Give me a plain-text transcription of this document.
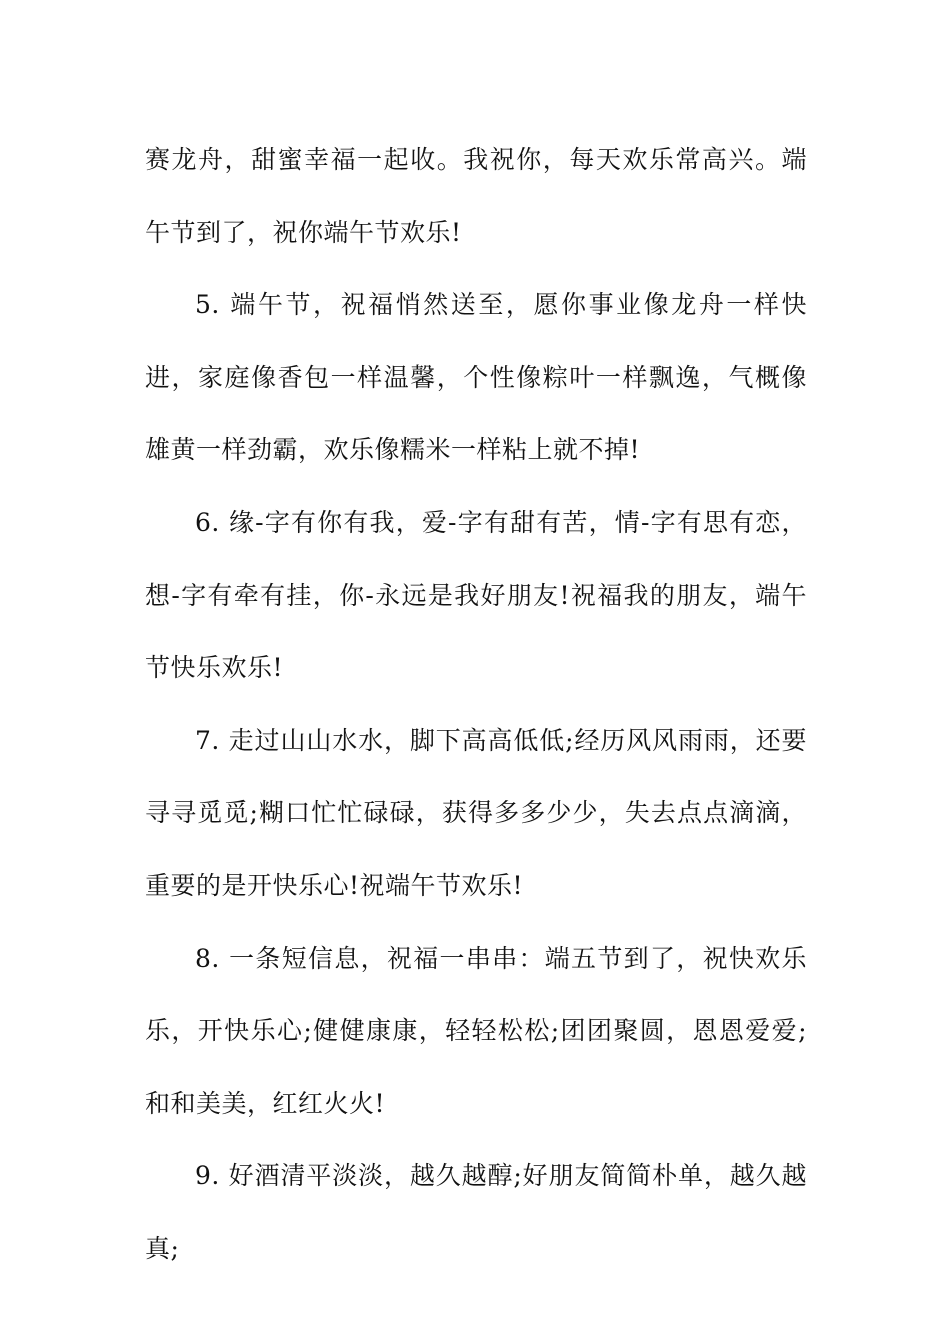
赛龙舟，甜蜜幸福一起收。我祝你，每天欢乐常高兴。端午节到了，祝你端午节欢乐!

5. 端午节，祝福悄然送至，愿你事业像龙舟一样快进，家庭像香包一样温馨，个性像粽叶一样飘逸，气概像雄黄一样劲霸，欢乐像糯米一样粘上就不掉!

6. 缘-字有你有我，爱-字有甜有苦，情-字有思有恋，想-字有牵有挂，你-永远是我好朋友!祝福我的朋友，端午节快乐欢乐!

7. 走过山山水水，脚下高高低低;经历风风雨雨，还要寻寻觅觅;糊口忙忙碌碌，获得多多少少，失去点点滴滴，重要的是开快乐心!祝端午节欢乐!

8. 一条短信息，祝福一串串：端五节到了，祝快欢乐乐，开快乐心;健健康康，轻轻松松;团团聚圆，恩恩爱爱;和和美美，红红火火!

9. 好酒清平淡淡，越久越醇;好朋友简简朴单，越久越真;
